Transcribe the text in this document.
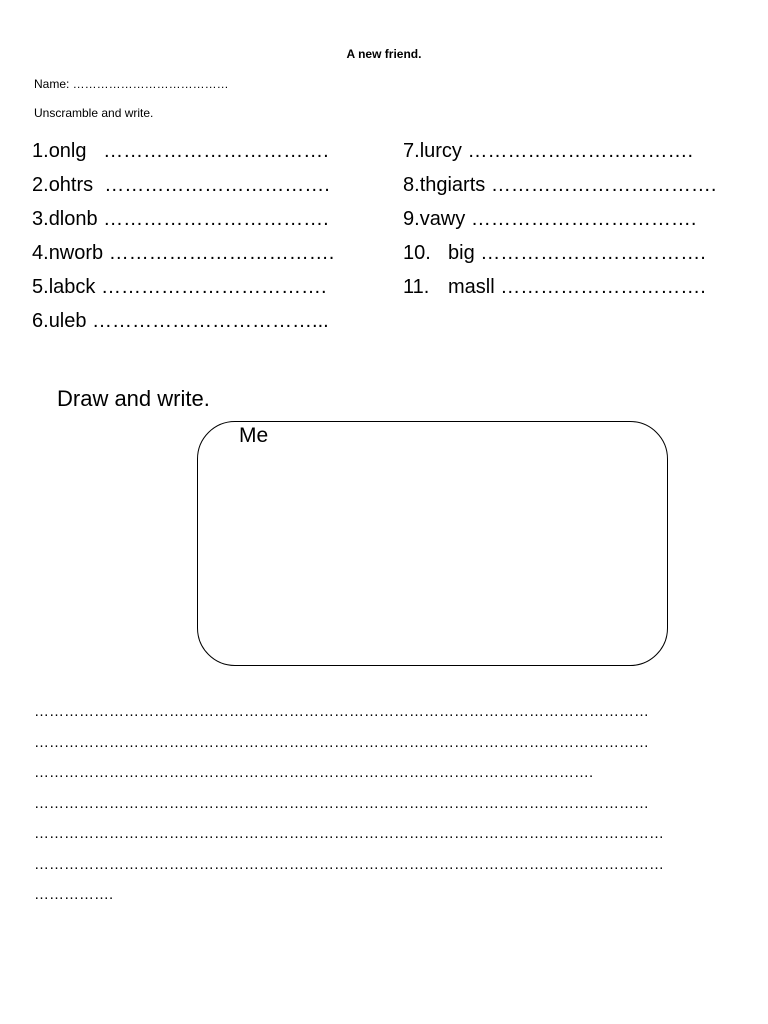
A new friend.
Name: …………………………………
Unscramble and write.
1.onlg   …………………………….
2.ohtrs  …………………………….
3.dlonb …………………………….
4.nworb …………………………….
5.labck …………………………….
6.uleb ……………………………...
7.lurcy …………………………….
8.thgiarts …………………………….
9.vawy …………………………….
10. big …………………………….
11. masll ………………………….
Draw and write.
Me
……………………………………………………………………………………………………………
……………………………………………………………………………………………………………
………………………………………………………………………………………………….
……………………………………………………………………………………………………………
………………………………………………………………………………………………………………
………………………………………………………………………………………………………………
…………….
